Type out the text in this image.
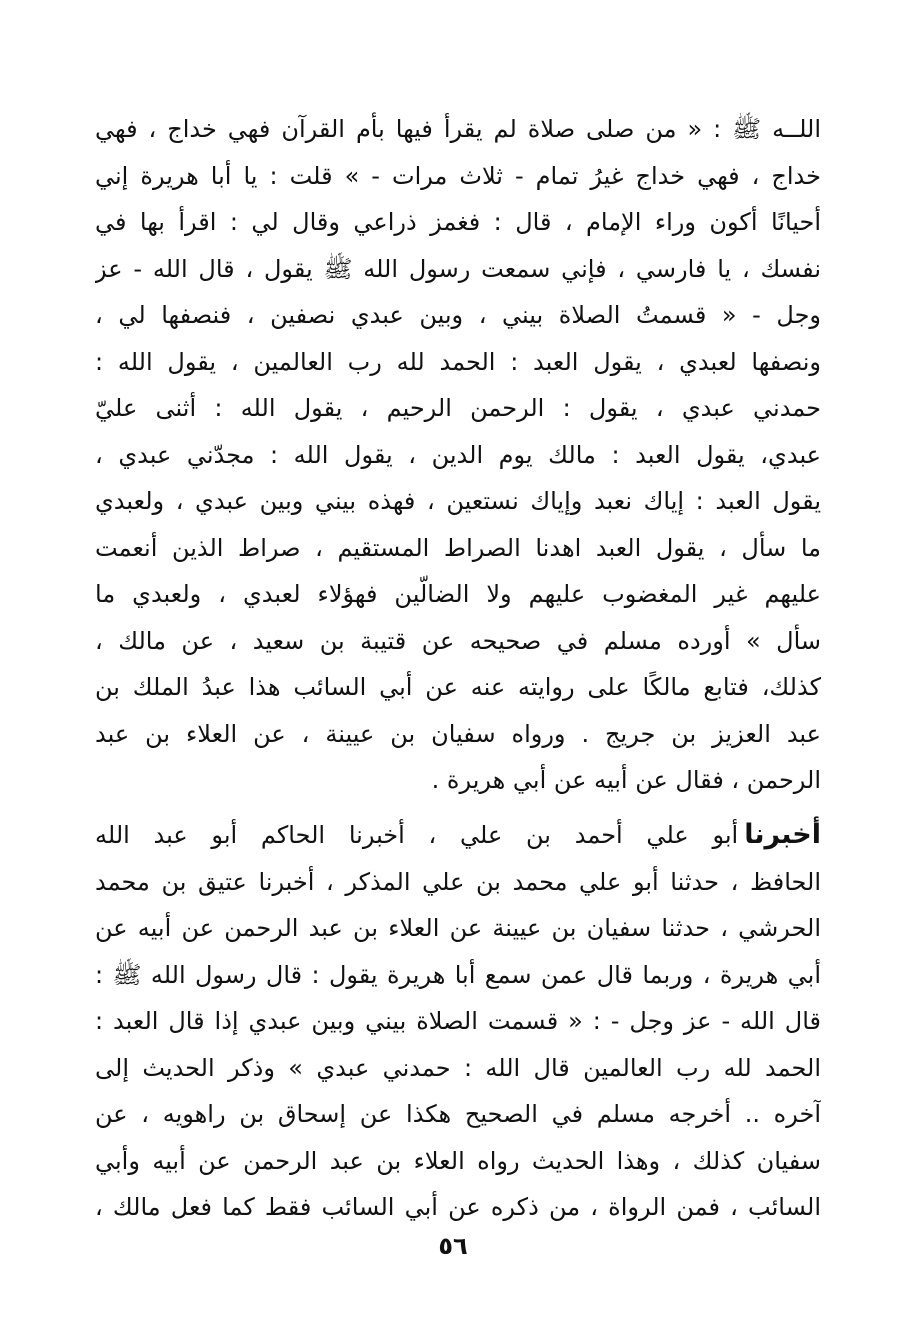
اللــه ﷺ : « من صلى صلاة لم يقرأ فيها بأم القرآن فهي خداج ، فهي
خداج ، فهي خداج غيرُ تمام - ثلاث مرات - » قلت : يا أبا هريرة إني
أحيانًا أكون وراء الإمام ، قال : فغمز ذراعي وقال لي : اقرأ بها في
نفسك ، يا فارسي ، فإني سمعت رسول الله ﷺ يقول ، قال الله - عز
وجل - « قسمتُ الصلاة بيني ، وبين عبدي نصفين ، فنصفها لي ،
ونصفها لعبدي ، يقول العبد : الحمد لله رب العالمين ، يقول الله :
حمدني عبدي ، يقول : الرحمن الرحيم ، يقول الله : أثنى عليّ
عبدي، يقول العبد : مالك يوم الدين ، يقول الله : مجدّني عبدي ،
يقول العبد : إياك نعبد وإياك نستعين ، فهذه بيني وبين عبدي ، ولعبدي
ما سأل ، يقول العبد اهدنا الصراط المستقيم ، صراط الذين أنعمت
عليهم غير المغضوب عليهم ولا الضالّين فهؤلاء لعبدي ، ولعبدي ما
سأل » أورده مسلم في صحيحه عن قتيبة بن سعيد ، عن مالك ،
كذلك، فتابع مالكًا على روايته عنه عن أبي السائب هذا عبدُ الملك بن
عبد العزيز بن جريج . ورواه سفيان بن عيينة ، عن العلاء بن عبد
الرحمن ، فقال عن أبيه عن أبي هريرة .
أخبرناأبو علي أحمد بن علي ، أخبرنا الحاكم أبو عبد الله
الحافظ ، حدثنا أبو علي محمد بن علي المذكر ، أخبرنا عتيق بن محمد
الحرشي ، حدثنا سفيان بن عيينة عن العلاء بن عبد الرحمن عن أبيه عن
أبي هريرة ، وربما قال عمن سمع أبا هريرة يقول : قال رسول الله ﷺ :
قال الله - عز وجل - : « قسمت الصلاة بيني وبين عبدي إذا قال العبد :
الحمد لله رب العالمين قال الله : حمدني عبدي » وذكر الحديث إلى
آخره .. أخرجه مسلم في الصحيح هكذا عن إسحاق بن راهويه ، عن
سفيان كذلك ، وهذا الحديث رواه العلاء بن عبد الرحمن عن أبيه وأبي
السائب ، فمن الرواة ، من ذكره عن أبي السائب فقط كما فعل مالك ،
٥٦
